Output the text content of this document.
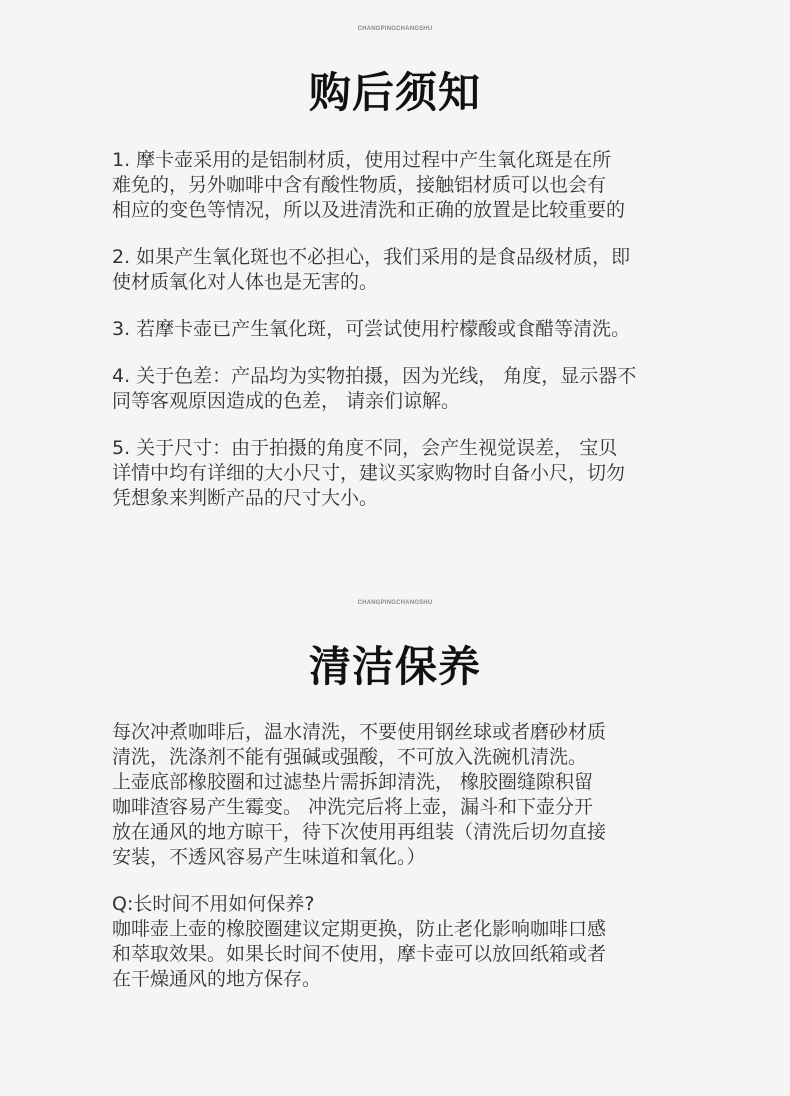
CHANGPINGCHANGSHU
购后须知
1. 摩卡壶采用的是铝制材质，使用过程中产生氧化斑是在所
难免的，另外咖啡中含有酸性物质，接触铝材质可以也会有
相应的变色等情况，所以及进清洗和正确的放置是比较重要的
2. 如果产生氧化斑也不必担心，我们采用的是食品级材质，即
使材质氧化对人体也是无害的。
3. 若摩卡壶已产生氧化斑，可尝试使用柠檬酸或食醋等清洗。
4. 关于色差：产品均为实物拍摄，因为光线， 角度，显示器不
同等客观原因造成的色差， 请亲们谅解。
5. 关于尺寸：由于拍摄的角度不同，会产生视觉误差， 宝贝
详情中均有详细的大小尺寸，建议买家购物时自备小尺，切勿
凭想象来判断产品的尺寸大小。
CHANGPINGCHANGSHU
清洁保养
每次冲煮咖啡后，温水清洗，不要使用钢丝球或者磨砂材质
清洗，洗涤剂不能有强碱或强酸，不可放入洗碗机清洗。
上壶底部橡胶圈和过滤垫片需拆卸清洗， 橡胶圈缝隙积留
咖啡渣容易产生霉变。 冲洗完后将上壶，漏斗和下壶分开
放在通风的地方晾干，待下次使用再组装（清洗后切勿直接
安装，不透风容易产生味道和氧化。）
Q:长时间不用如何保养?
咖啡壶上壶的橡胶圈建议定期更换，防止老化影响咖啡口感
和萃取效果。如果长时间不使用，摩卡壶可以放回纸箱或者
在干燥通风的地方保存。
